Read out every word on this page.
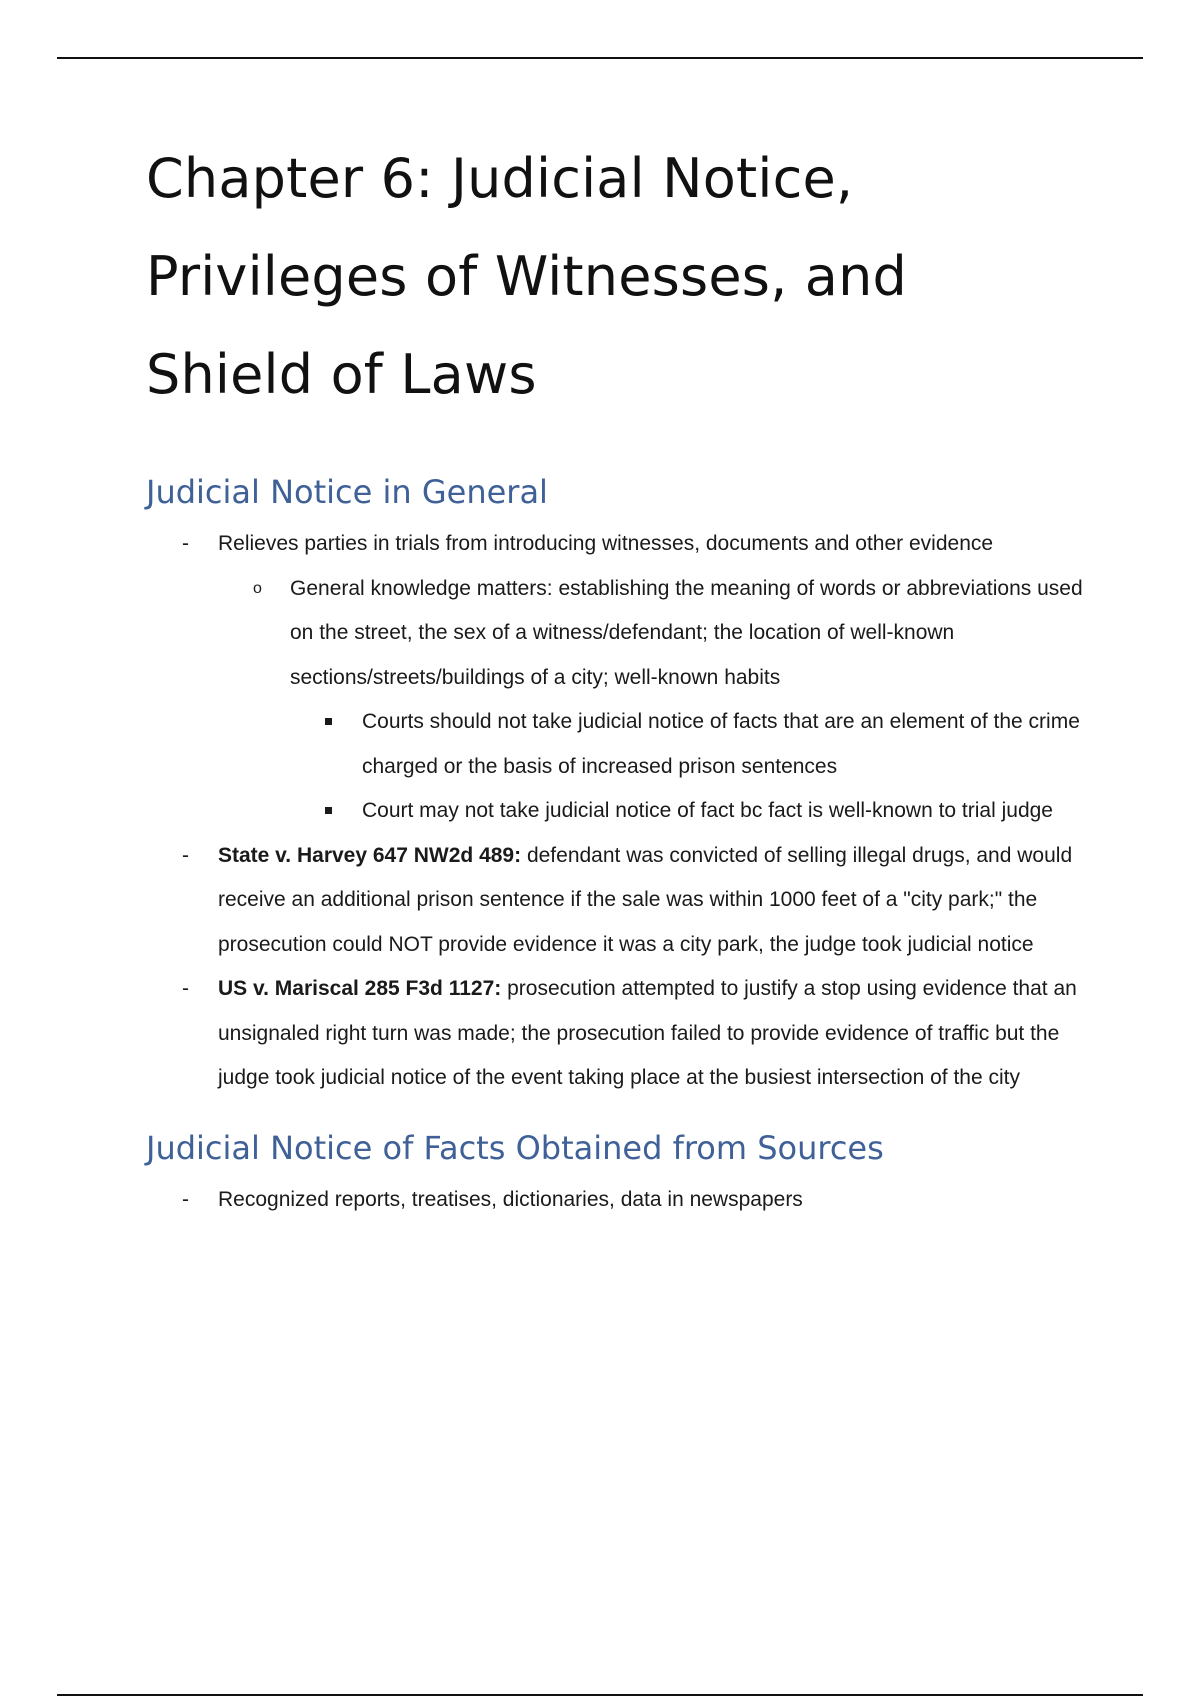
Chapter 6: Judicial Notice,
Privileges of Witnesses, and
Shield of Laws
Judicial Notice in General
- Relieves parties in trials from introducing witnesses, documents and other evidence
o General knowledge matters: establishing the meaning of words or abbreviations used on the street, the sex of a witness/defendant; the location of well-known sections/streets/buildings of a city; well-known habits
Courts should not take judicial notice of facts that are an element of the crime charged or the basis of increased prison sentences
Court may not take judicial notice of fact bc fact is well-known to trial judge
- State v. Harvey 647 NW2d 489: defendant was convicted of selling illegal drugs, and would receive an additional prison sentence if the sale was within 1000 feet of a "city park;" the prosecution could NOT provide evidence it was a city park, the judge took judicial notice
- US v. Mariscal 285 F3d 1127: prosecution attempted to justify a stop using evidence that an unsignaled right turn was made; the prosecution failed to provide evidence of traffic but the judge took judicial notice of the event taking place at the busiest intersection of the city
Judicial Notice of Facts Obtained from Sources
- Recognized reports, treatises, dictionaries, data in newspapers
